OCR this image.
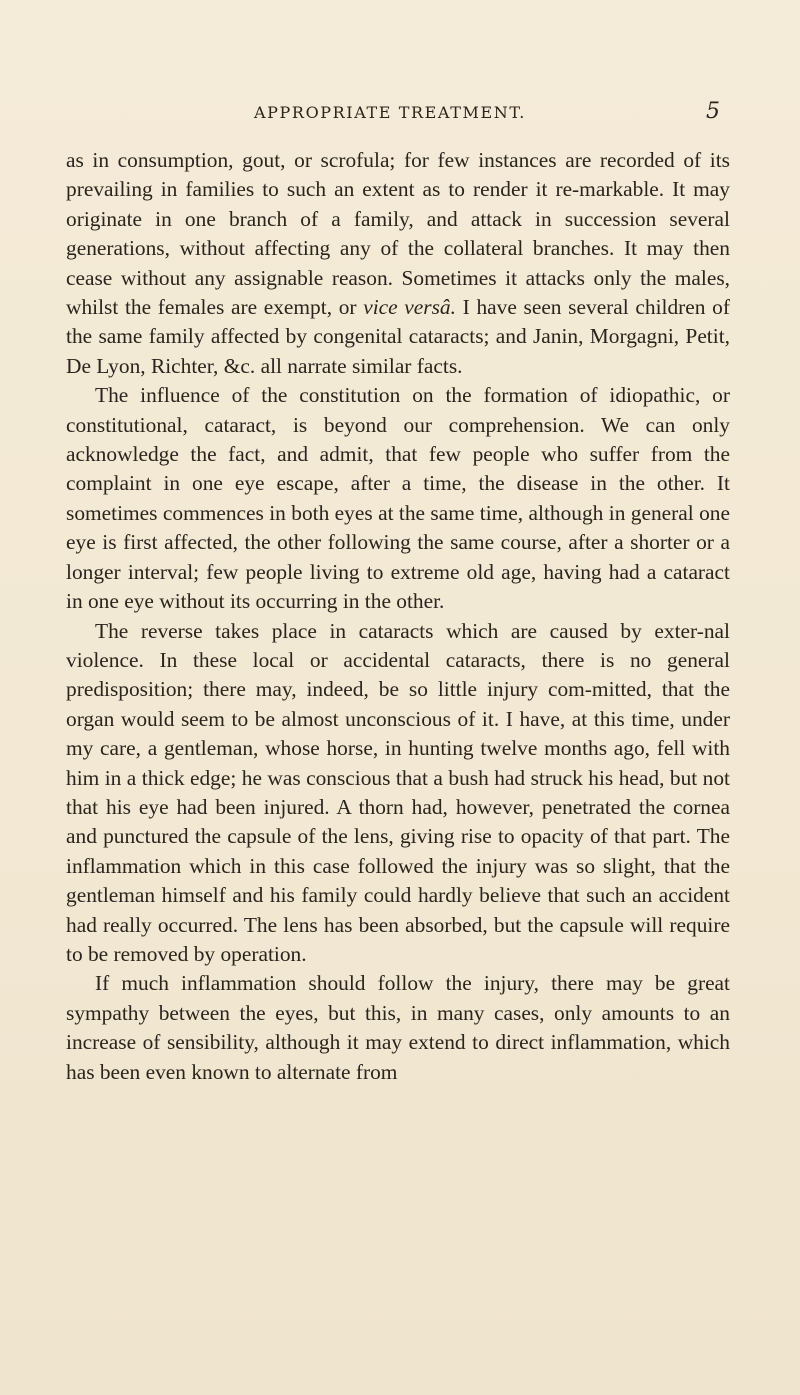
APPROPRIATE TREATMENT.	5

as in consumption, gout, or scrofula; for few instances are recorded of its prevailing in families to such an extent as to render it re-markable. It may originate in one branch of a family, and attack in succession several generations, without affecting any of the collateral branches. It may then cease without any assignable reason. Sometimes it attacks only the males, whilst the females are exempt, or vice versâ. I have seen several children of the same family affected by congenital cataracts; and Janin, Morgagni, Petit, De Lyon, Richter, &c. all narrate similar facts.

The influence of the constitution on the formation of idiopathic, or constitutional, cataract, is beyond our comprehension. We can only acknowledge the fact, and admit, that few people who suffer from the complaint in one eye escape, after a time, the disease in the other. It sometimes commences in both eyes at the same time, although in general one eye is first affected, the other following the same course, after a shorter or a longer interval; few people living to extreme old age, having had a cataract in one eye without its occurring in the other.

The reverse takes place in cataracts which are caused by exter-nal violence. In these local or accidental cataracts, there is no general predisposition; there may, indeed, be so little injury com-mitted, that the organ would seem to be almost unconscious of it. I have, at this time, under my care, a gentleman, whose horse, in hunting twelve months ago, fell with him in a thick edge; he was conscious that a bush had struck his head, but not that his eye had been injured. A thorn had, however, penetrated the cornea and punctured the capsule of the lens, giving rise to opacity of that part. The inflammation which in this case followed the injury was so slight, that the gentleman himself and his family could hardly believe that such an accident had really occurred. The lens has been absorbed, but the capsule will require to be removed by operation.

If much inflammation should follow the injury, there may be great sympathy between the eyes, but this, in many cases, only amounts to an increase of sensibility, although it may extend to direct inflammation, which has been even known to alternate from
